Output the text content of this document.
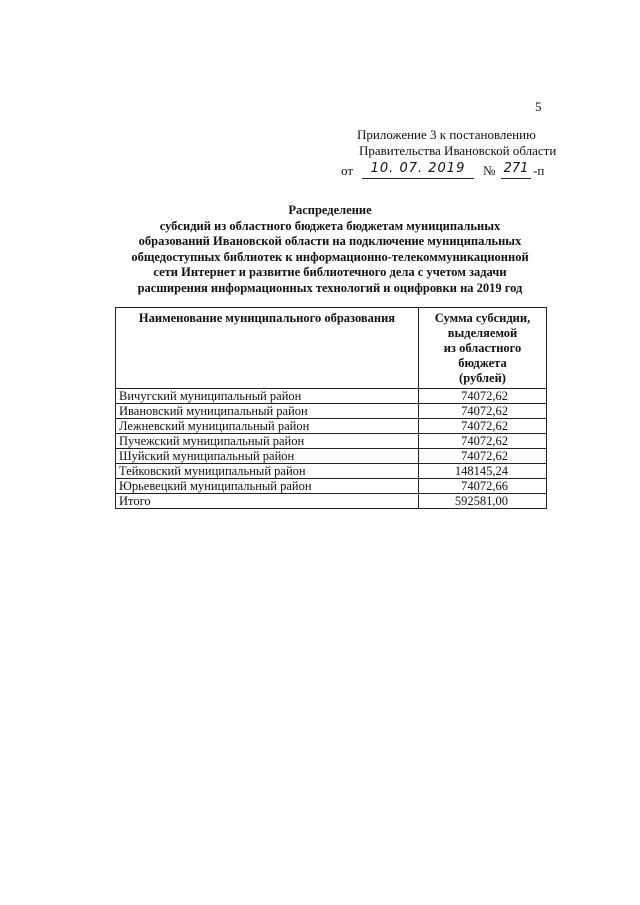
5
Приложение 3 к постановлению
Правительства Ивановской области
от	10. 07. 2019	№ 271 -п
Распределение
субсидий из областного бюджета бюджетам муниципальных
образований Ивановской области на подключение муниципальных
общедоступных библиотек к информационно-телекоммуникационной
сети Интернет и развитие библиотечного дела с учетом задачи
расширения информационных технологий и оцифровки на 2019 год
Наименование муниципального образования	Сумма субсидии,
выделяемой
из областного
бюджета
(рублей)

Вичугский муниципальный район	74072,62
Ивановский муниципальный район	74072,62
Лежневский муниципальный район	74072,62
Пучежский муниципальный район	74072,62
Шуйский муниципальный район	74072,62
Тейковский муниципальный район	148145,24
Юрьевецкий муниципальный район	74072,66
Итого	592581,00
